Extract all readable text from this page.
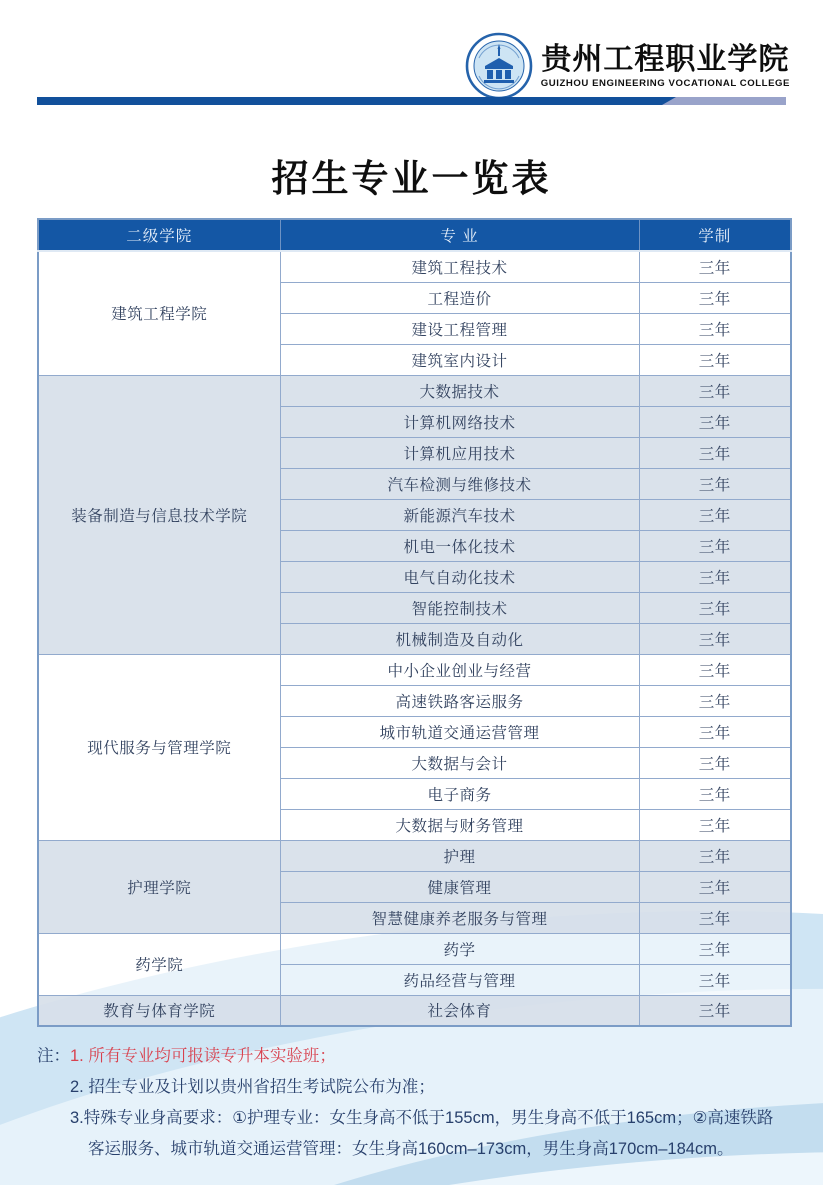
贵州工程职业学院
GUIZHOU ENGINEERING VOCATIONAL COLLEGE
招生专业一览表
二级学院	专 业	学制
建筑工程学院	建筑工程技术	三年
	工程造价	三年
	建设工程管理	三年
	建筑室内设计	三年
装备制造与信息技术学院	大数据技术	三年
	计算机网络技术	三年
	计算机应用技术	三年
	汽车检测与维修技术	三年
	新能源汽车技术	三年
	机电一体化技术	三年
	电气自动化技术	三年
	智能控制技术	三年
	机械制造及自动化	三年
现代服务与管理学院	中小企业创业与经营	三年
	高速铁路客运服务	三年
	城市轨道交通运营管理	三年
	大数据与会计	三年
	电子商务	三年
	大数据与财务管理	三年
护理学院	护理	三年
	健康管理	三年
	智慧健康养老服务与管理	三年
药学院	药学	三年
	药品经营与管理	三年
教育与体育学院	社会体育	三年
注： 1. 所有专业均可报读专升本实验班；
2. 招生专业及计划以贵州省招生考试院公布为准；
3.特殊专业身高要求：①护理专业：女生身高不低于155cm，男生身高不低于165cm；②高速铁路客运服务、城市轨道交通运营管理：女生身高160cm–173cm，男生身高170cm–184cm。
